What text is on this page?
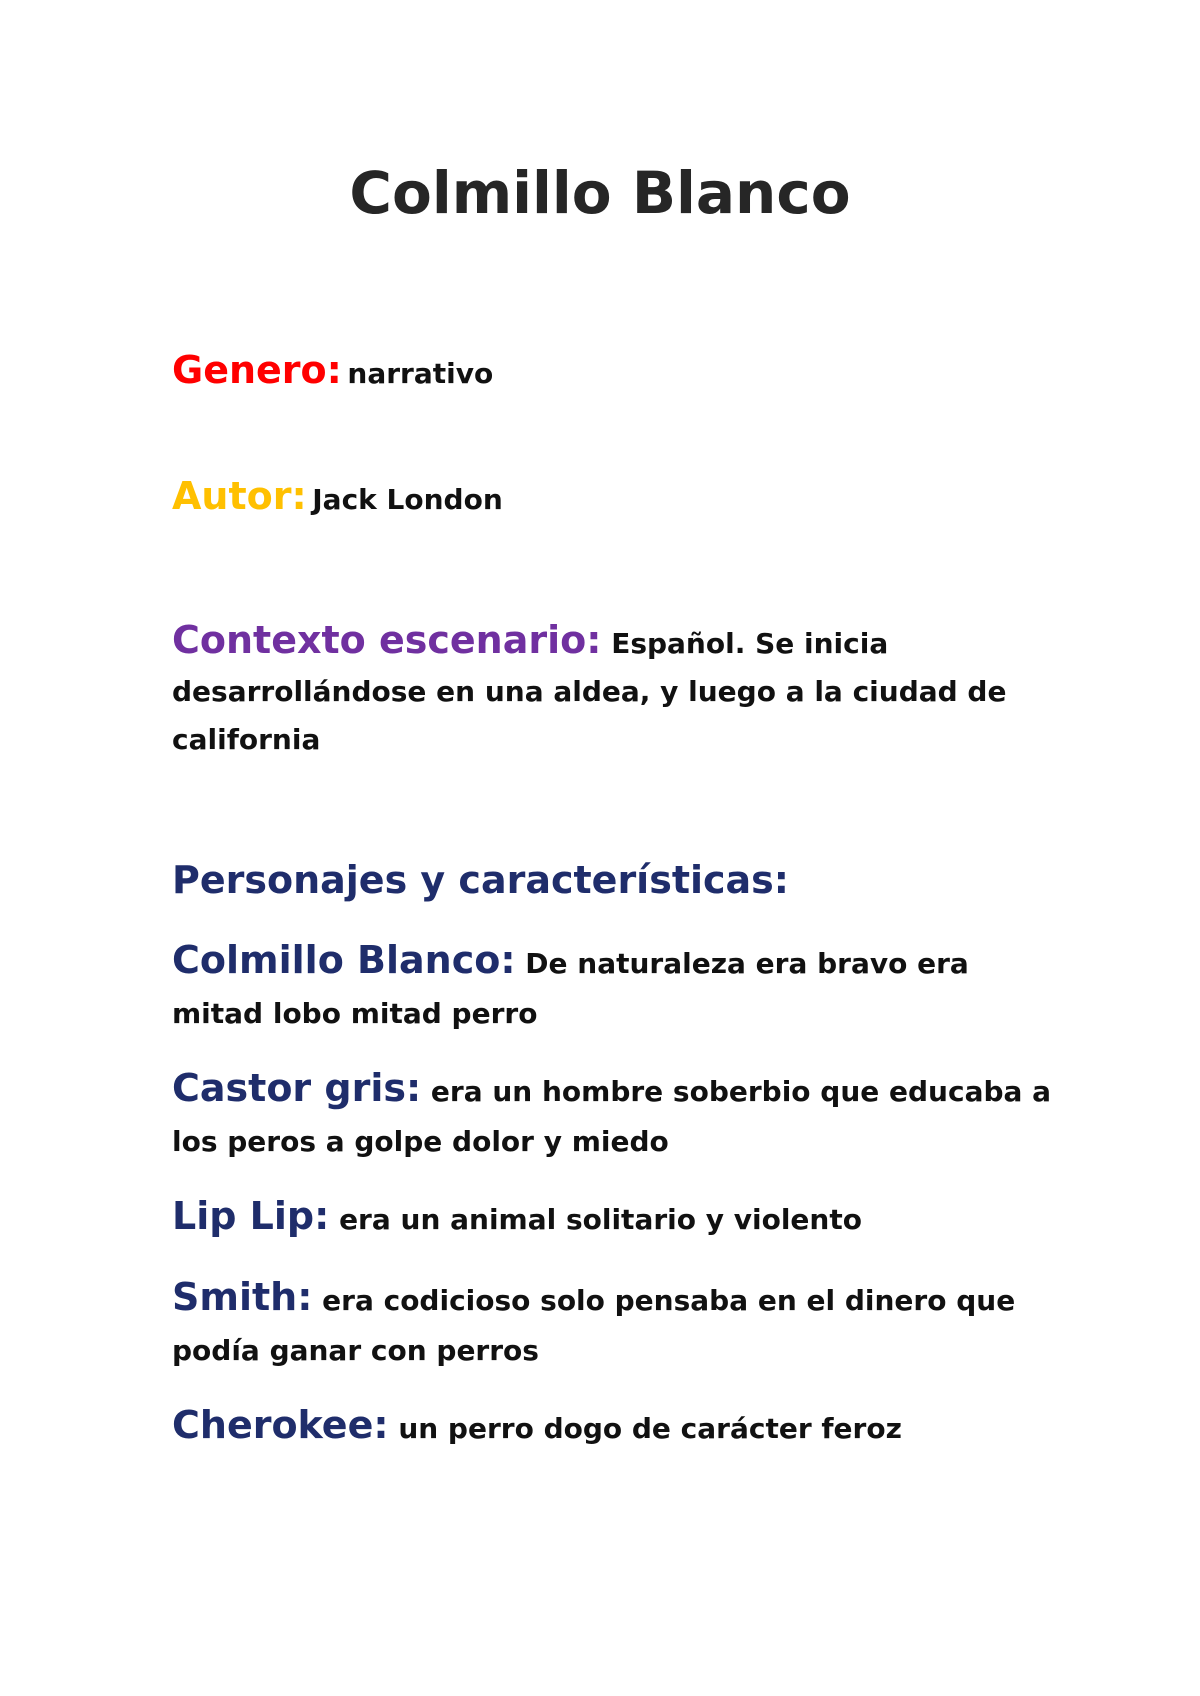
Colmillo Blanco

Genero: narrativo

Autor: Jack London

Contexto escenario: Español. Se inicia desarrollándose en una aldea, y luego a la ciudad de california

Personajes y características:

Colmillo Blanco: De naturaleza era bravo era mitad lobo mitad perro

Castor gris: era un hombre soberbio que educaba a los peros a golpe dolor y miedo

Lip Lip: era un animal solitario y violento

Smith: era codicioso solo pensaba en el dinero que podía ganar con perros

Cherokee: un perro dogo de carácter feroz
